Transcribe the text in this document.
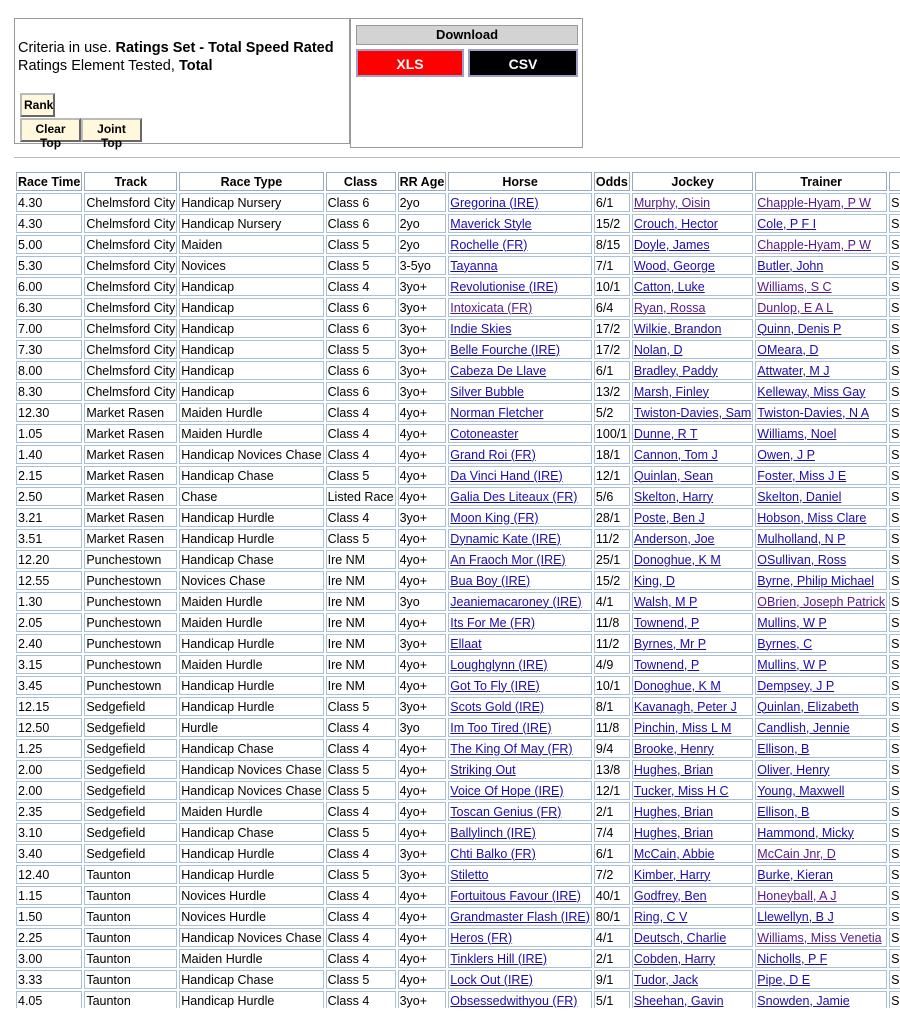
Criteria in use. Ratings Set - Total Speed Rated
Ratings Element Tested, Total
Rank
Clear Top
Joint Top
Download
XLS	CSV
Race Time	Track	Race Type	Class	RR Age	Horse	Odds	Jockey	Trainer	
4.30	Chelmsford City	Handicap Nursery	Class 6	2yo	Gregorina (IRE)	6/1	Murphy, Oisin	Chapple-Hyam, P W	S
4.30	Chelmsford City	Handicap Nursery	Class 6	2yo	Maverick Style	15/2	Crouch, Hector	Cole, P F I	S
5.00	Chelmsford City	Maiden	Class 5	2yo	Rochelle (FR)	8/15	Doyle, James	Chapple-Hyam, P W	S
5.30	Chelmsford City	Novices	Class 5	3-5yo	Tayanna	7/1	Wood, George	Butler, John	S
6.00	Chelmsford City	Handicap	Class 4	3yo+	Revolutionise (IRE)	10/1	Catton, Luke	Williams, S C	S
6.30	Chelmsford City	Handicap	Class 6	3yo+	Intoxicata (FR)	6/4	Ryan, Rossa	Dunlop, E A L	S
7.00	Chelmsford City	Handicap	Class 6	3yo+	Indie Skies	17/2	Wilkie, Brandon	Quinn, Denis P	S
7.30	Chelmsford City	Handicap	Class 5	3yo+	Belle Fourche (IRE)	17/2	Nolan, D	OMeara, D	S
8.00	Chelmsford City	Handicap	Class 6	3yo+	Cabeza De Llave	6/1	Bradley, Paddy	Attwater, M J	S
8.30	Chelmsford City	Handicap	Class 6	3yo+	Silver Bubble	13/2	Marsh, Finley	Kelleway, Miss Gay	S
12.30	Market Rasen	Maiden Hurdle	Class 4	4yo+	Norman Fletcher	5/2	Twiston-Davies, Sam	Twiston-Davies, N A	S
1.05	Market Rasen	Maiden Hurdle	Class 4	4yo+	Cotoneaster	100/1	Dunne, R T	Williams, Noel	S
1.40	Market Rasen	Handicap Novices Chase	Class 4	4yo+	Grand Roi (FR)	18/1	Cannon, Tom J	Owen, J P	S
2.15	Market Rasen	Handicap Chase	Class 5	4yo+	Da Vinci Hand (IRE)	12/1	Quinlan, Sean	Foster, Miss J E	S
2.50	Market Rasen	Chase	Listed Race	4yo+	Galia Des Liteaux (FR)	5/6	Skelton, Harry	Skelton, Daniel	S
3.21	Market Rasen	Handicap Hurdle	Class 4	3yo+	Moon King (FR)	28/1	Poste, Ben J	Hobson, Miss Clare	S
3.51	Market Rasen	Handicap Hurdle	Class 5	4yo+	Dynamic Kate (IRE)	11/2	Anderson, Joe	Mulholland, N P	S
12.20	Punchestown	Handicap Chase	Ire NM	4yo+	An Fraoch Mor (IRE)	25/1	Donoghue, K M	OSullivan, Ross	S
12.55	Punchestown	Novices Chase	Ire NM	4yo+	Bua Boy (IRE)	15/2	King, D	Byrne, Philip Michael	S
1.30	Punchestown	Maiden Hurdle	Ire NM	3yo	Jeaniemacaroney (IRE)	4/1	Walsh, M P	OBrien, Joseph Patrick	S
2.05	Punchestown	Maiden Hurdle	Ire NM	4yo+	Its For Me (FR)	11/8	Townend, P	Mullins, W P	S
2.40	Punchestown	Handicap Hurdle	Ire NM	3yo+	Ellaat	11/2	Byrnes, Mr P	Byrnes, C	S
3.15	Punchestown	Maiden Hurdle	Ire NM	4yo+	Loughglynn (IRE)	4/9	Townend, P	Mullins, W P	S
3.45	Punchestown	Handicap Hurdle	Ire NM	4yo+	Got To Fly (IRE)	10/1	Donoghue, K M	Dempsey, J P	S
12.15	Sedgefield	Handicap Hurdle	Class 5	3yo+	Scots Gold (IRE)	8/1	Kavanagh, Peter J	Quinlan, Elizabeth	S
12.50	Sedgefield	Hurdle	Class 4	3yo	Im Too Tired (IRE)	11/8	Pinchin, Miss L M	Candlish, Jennie	S
1.25	Sedgefield	Handicap Chase	Class 4	4yo+	The King Of May (FR)	9/4	Brooke, Henry	Ellison, B	S
2.00	Sedgefield	Handicap Novices Chase	Class 5	4yo+	Striking Out	13/8	Hughes, Brian	Oliver, Henry	S
2.00	Sedgefield	Handicap Novices Chase	Class 5	4yo+	Voice Of Hope (IRE)	12/1	Tucker, Miss H C	Young, Maxwell	S
2.35	Sedgefield	Maiden Hurdle	Class 4	4yo+	Toscan Genius (FR)	2/1	Hughes, Brian	Ellison, B	S
3.10	Sedgefield	Handicap Chase	Class 5	4yo+	Ballylinch (IRE)	7/4	Hughes, Brian	Hammond, Micky	S
3.40	Sedgefield	Handicap Hurdle	Class 4	3yo+	Chti Balko (FR)	6/1	McCain, Abbie	McCain Jnr, D	S
12.40	Taunton	Handicap Hurdle	Class 5	3yo+	Stiletto	7/2	Kimber, Harry	Burke, Kieran	S
1.15	Taunton	Novices Hurdle	Class 4	4yo+	Fortuitous Favour (IRE)	40/1	Godfrey, Ben	Honeyball, A J	S
1.50	Taunton	Novices Hurdle	Class 4	4yo+	Grandmaster Flash (IRE)	80/1	Ring, C V	Llewellyn, B J	S
2.25	Taunton	Handicap Novices Chase	Class 4	4yo+	Heros (FR)	4/1	Deutsch, Charlie	Williams, Miss Venetia	S
3.00	Taunton	Maiden Hurdle	Class 4	4yo+	Tinklers Hill (IRE)	2/1	Cobden, Harry	Nicholls, P F	S
3.33	Taunton	Handicap Chase	Class 5	4yo+	Lock Out (IRE)	9/1	Tudor, Jack	Pipe, D E	S
4.05	Taunton	Handicap Hurdle	Class 4	3yo+	Obsessedwithyou (FR)	5/1	Sheehan, Gavin	Snowden, Jamie	S
